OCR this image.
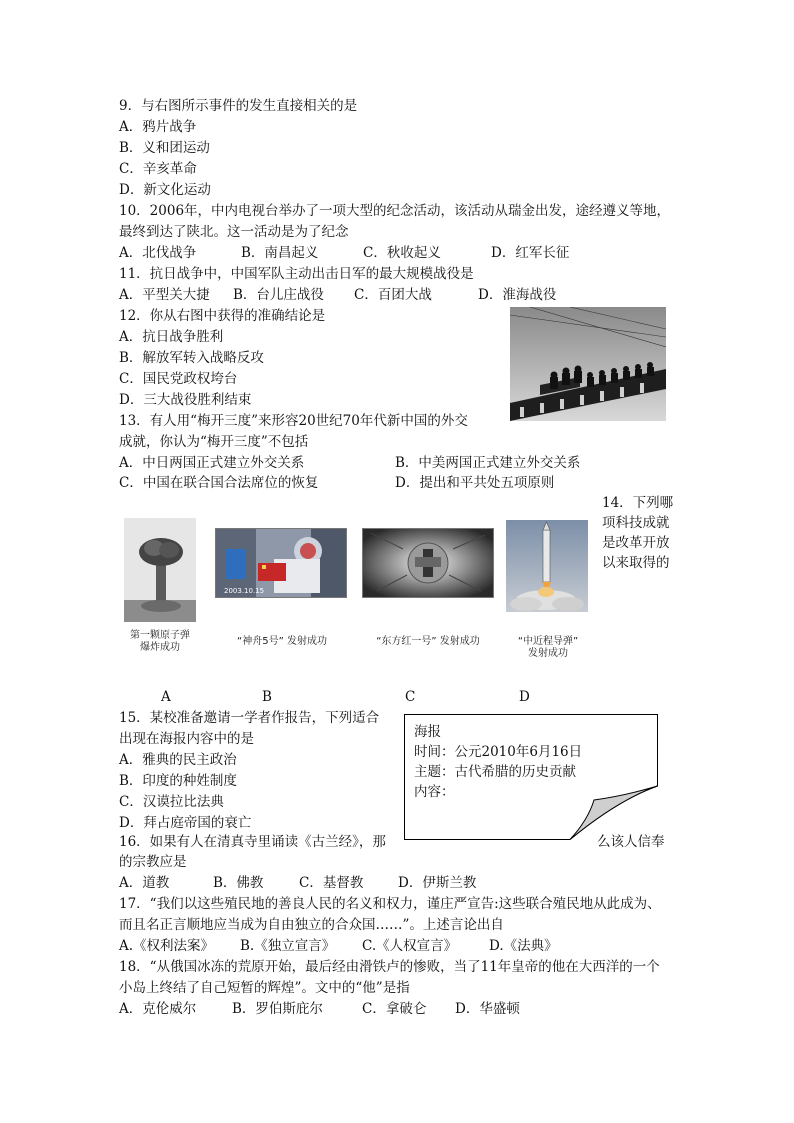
9．与右图所示事件的发生直接相关的是
A．鸦片战争
B．义和团运动
C．辛亥革命
D．新文化运动
10．2006年，中内电视台举办了一项大型的纪念活动，该活动从瑞金出发，途经遵义等地，
最终到达了陕北。这一活动是为了纪念
A．北伐战争	B．南昌起义	C．秋收起义	D．红军长征
11．抗日战争中，中国军队主动出击日军的最大规模战役是
A．平型关大捷 B．台儿庄战役 C．百团大战	D．淮海战役
12．你从右图中获得的准确结论是
A．抗日战争胜利
B．解放军转入战略反攻
C．国民党政权垮台
D．三大战役胜利结束
13．有人用“梅开三度”来形容20世纪70年代新中国的外交
成就，你认为“梅开三度”不包括
A．中日两国正式建立外交关系	B．中美两国正式建立外交关系
C．中国在联合国合法席位的恢复	D．提出和平共处五项原则
14．下列哪
项科技成就
是改革开放
以来取得的
第一颗原子弹
爆炸成功
2003.10.15
“神舟5号” 发射成功	“东方红一号” 发射成功	“中近程导弹”
发射成功
A	B	C	D
15．某校准备邀请一学者作报告，下列适合
出现在海报内容中的是
A．雅典的民主政治
B．印度的种姓制度
C．汉谟拉比法典
D．拜占庭帝国的衰亡
海报
时间：公元2010年6月16日
主题：古代希腊的历史贡献
内容：
16．如果有人在清真寺里诵读《古兰经》，那	么该人信奉
的宗教应是
A．道教	B．佛教	C．基督教	D．伊斯兰教
17．“我们以这些殖民地的善良人民的名义和权力，谨庄严宣告:这些联合殖民地从此成为、
而且名正言顺地应当成为自由独立的合众国……”。上述言论出自
A.《权利法案》 B.《独立宣言》 C.《人权宣言》 D.《法典》
18．“从俄国冰冻的荒原开始，最后经由滑铁卢的惨败，当了11年皇帝的他在大西洋的一个
小岛上终结了自己短暂的辉煌”。文中的“他”是指
A．克伦威尔	B．罗伯斯庇尔	C．拿破仑 D．华盛顿
